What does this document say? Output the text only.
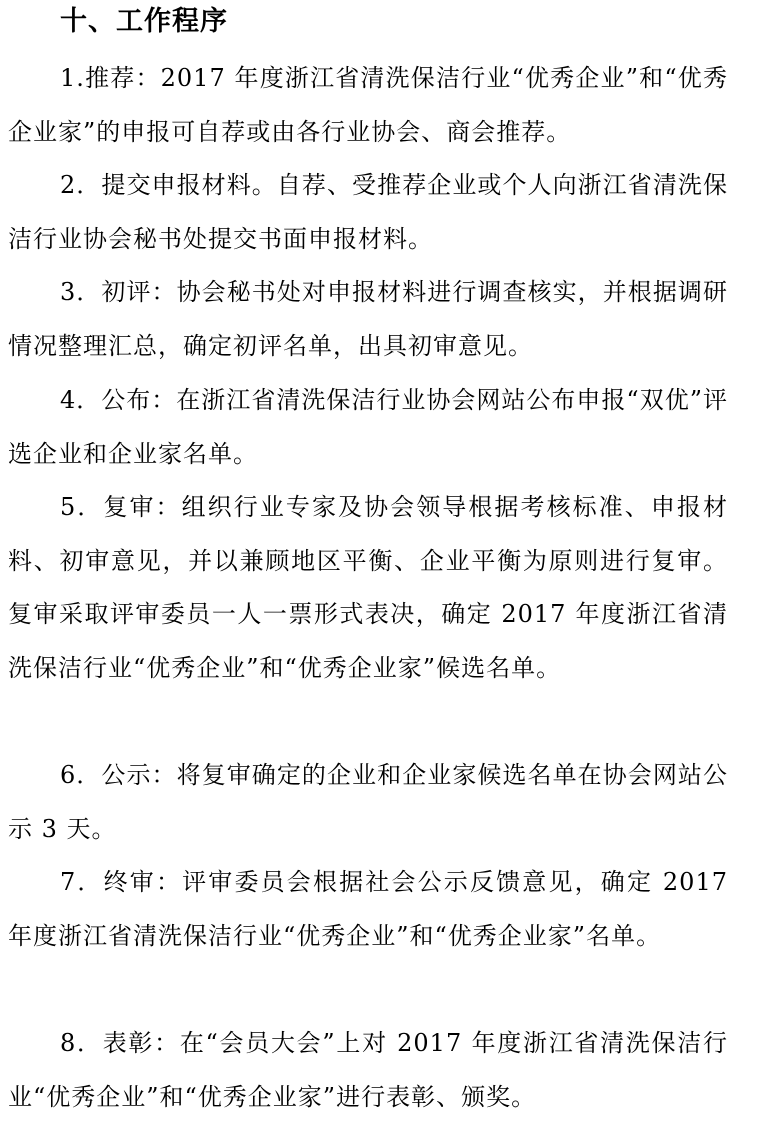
十、工作程序

1.推荐：2017 年度浙江省清洗保洁行业“优秀企业”和“优秀企业家”的申报可自荐或由各行业协会、商会推荐。

2．提交申报材料。自荐、受推荐企业或个人向浙江省清洗保洁行业协会秘书处提交书面申报材料。

3．初评：协会秘书处对申报材料进行调查核实，并根据调研情况整理汇总，确定初评名单，出具初审意见。

4．公布：在浙江省清洗保洁行业协会网站公布申报“双优”评选企业和企业家名单。

5．复审：组织行业专家及协会领导根据考核标准、申报材料、初审意见，并以兼顾地区平衡、企业平衡为原则进行复审。复审采取评审委员一人一票形式表决，确定 2017 年度浙江省清洗保洁行业“优秀企业”和“优秀企业家”候选名单。

6．公示：将复审确定的企业和企业家候选名单在协会网站公示 3 天。

7．终审：评审委员会根据社会公示反馈意见，确定 2017 年度浙江省清洗保洁行业“优秀企业”和“优秀企业家”名单。

8．表彰：在“会员大会”上对 2017 年度浙江省清洗保洁行业“优秀企业”和“优秀企业家”进行表彰、颁奖。
